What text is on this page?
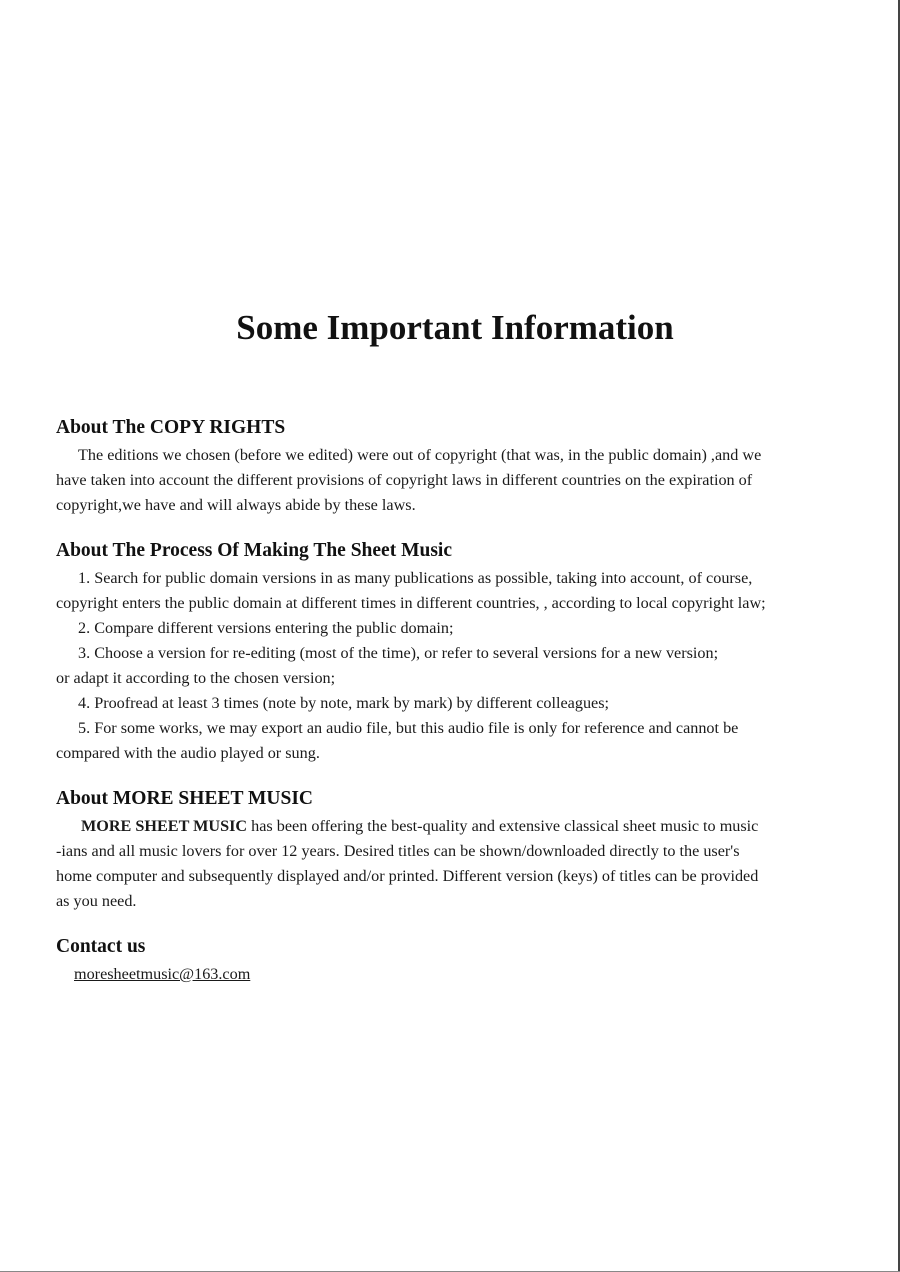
Some Important Information
About The COPY RIGHTS

The editions we chosen (before we edited) were out of copyright (that was, in the public domain) ,and we

have taken into account the different provisions of copyright laws in different countries on the expiration of

copyright,we have and will always abide by these laws.

About The Process Of Making The Sheet Music

1. Search for public domain versions in as many publications as possible, taking into account, of course,

copyright enters the public domain at different times in different countries, , according to local copyright law;

2. Compare different versions entering the public domain;

3. Choose a version for re-editing (most of the time), or refer to several versions for a new version;

or adapt it according to the chosen version;

4. Proofread at least 3 times (note by note, mark by mark) by different colleagues;

5. For some works, we may export an audio file, but this audio file is only for reference and cannot be

compared with the audio played or sung.

About MORE SHEET MUSIC

MORE SHEET MUSIC has been offering the best-quality and extensive classical sheet music to music

-ians and all music lovers for over 12 years. Desired titles can be shown/downloaded directly to the user's

home computer and subsequently displayed and/or printed. Different version (keys) of titles can be provided

as you need.

Contact us
moresheetmusic@163.com
